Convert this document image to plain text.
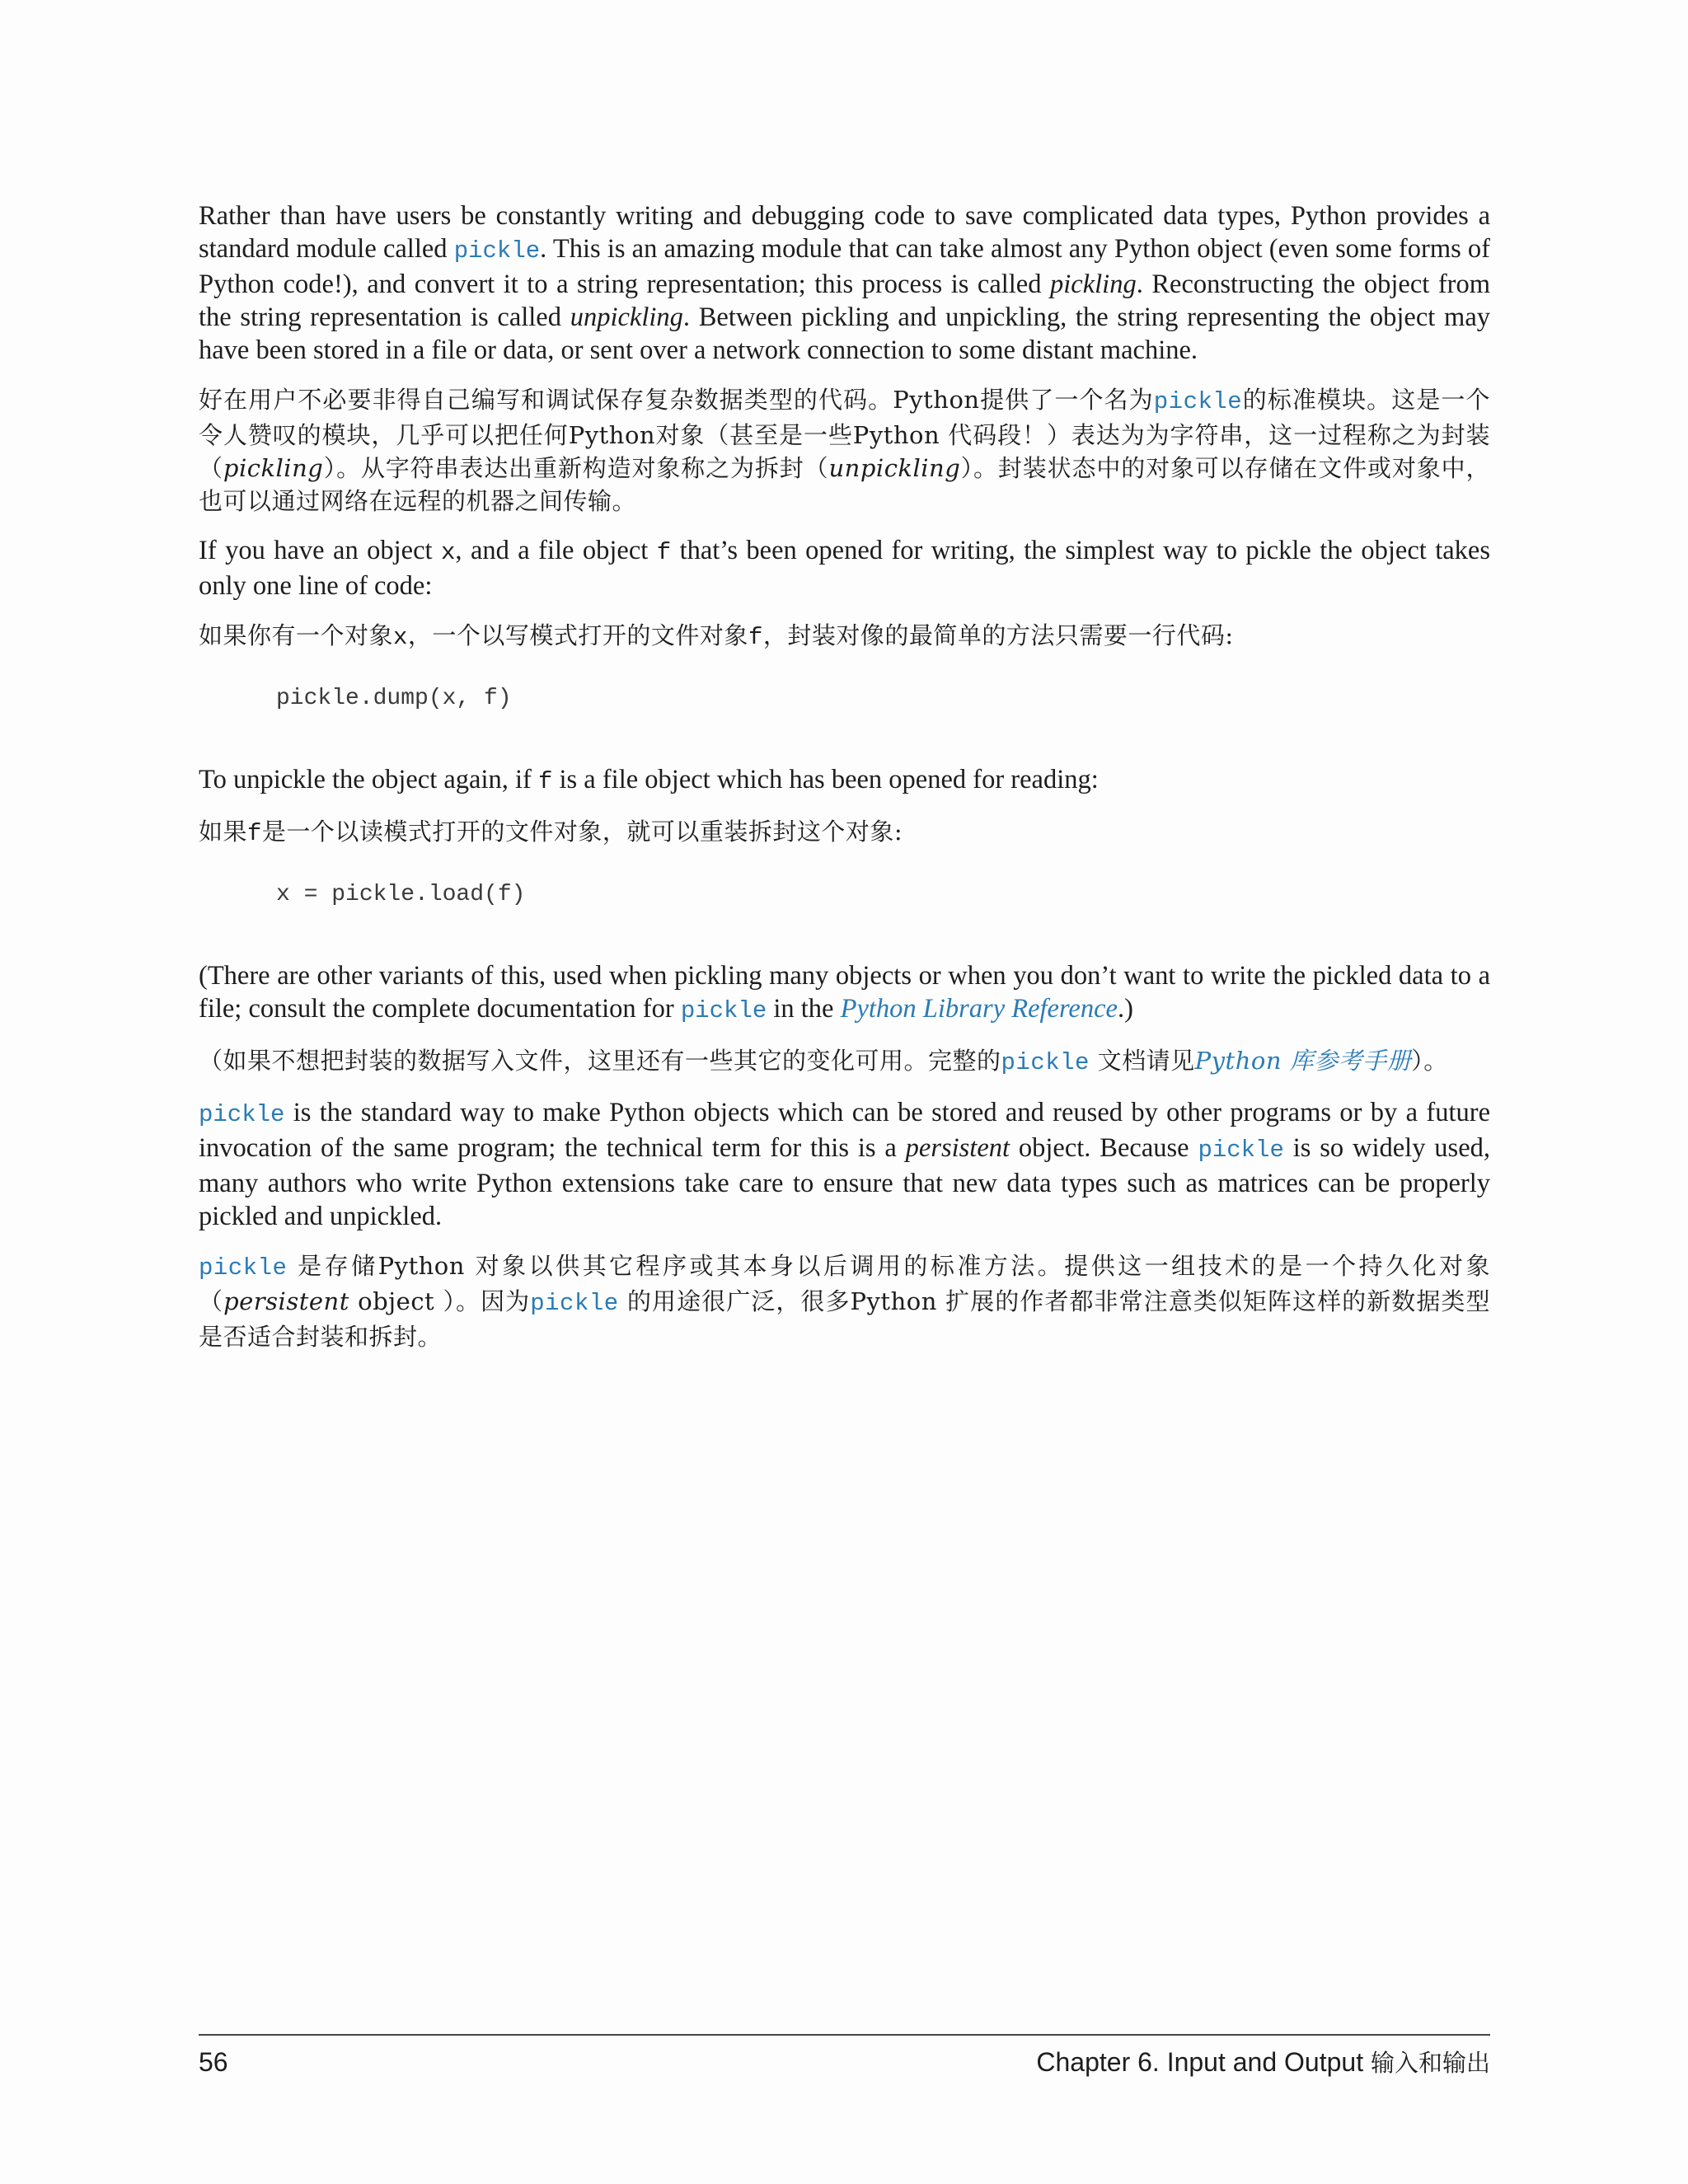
Rather than have users be constantly writing and debugging code to save complicated data types, Python provides a standard module called pickle. This is an amazing module that can take almost any Python object (even some forms of Python code!), and convert it to a string representation; this process is called pickling. Reconstructing the object from the string representation is called unpickling. Between pickling and unpickling, the string representing the object may have been stored in a file or data, or sent over a network connection to some distant machine.

好在用户不必要非得自己编写和调试保存复杂数据类型的代码。Python提供了一个名为pickle的标准模块。这是一个令人赞叹的模块，几乎可以把任何Python对象（甚至是一些Python 代码段！）表达为为字符串，这一过程称之为封装（pickling）。从字符串表达出重新构造对象称之为拆封（unpickling）。封装状态中的对象可以存储在文件或对象中，也可以通过网络在远程的机器之间传输。

If you have an object x, and a file object f that’s been opened for writing, the simplest way to pickle the object takes only one line of code:

如果你有一个对象x，一个以写模式打开的文件对象f，封装对像的最简单的方法只需要一行代码:

pickle.dump(x, f)

To unpickle the object again, if f is a file object which has been opened for reading:

如果f是一个以读模式打开的文件对象，就可以重装拆封这个对象:

x = pickle.load(f)

(There are other variants of this, used when pickling many objects or when you don’t want to write the pickled data to a file; consult the complete documentation for pickle in the Python Library Reference.)

（如果不想把封装的数据写入文件，这里还有一些其它的变化可用。完整的pickle 文档请见Python 库参考手册）。

pickle is the standard way to make Python objects which can be stored and reused by other programs or by a future invocation of the same program; the technical term for this is a persistent object. Because pickle is so widely used, many authors who write Python extensions take care to ensure that new data types such as matrices can be properly pickled and unpickled.

pickle 是存储Python 对象以供其它程序或其本身以后调用的标准方法。提供这一组技术的是一个持久化对象（persistent object ）。因为pickle 的用途很广泛，很多Python 扩展的作者都非常注意类似矩阵这样的新数据类型是否适合封装和拆封。

56	Chapter 6. Input and Output 输入和输出
